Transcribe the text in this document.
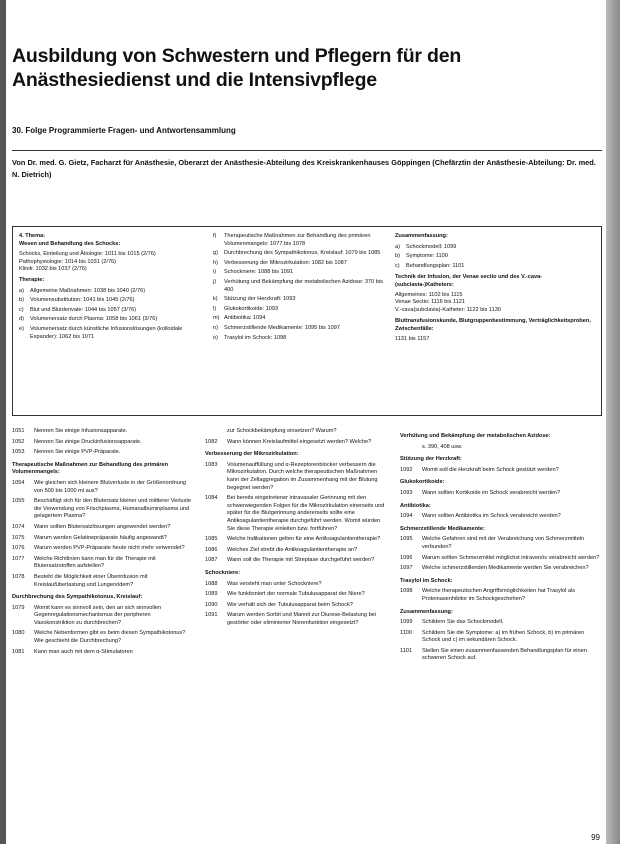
Ausbildung von Schwestern und Pflegern für den Anästhesiedienst und die Intensivpflege
30. Folge Programmierte Fragen- und Antwortensammlung
Von Dr. med. G. Gietz, Facharzt für Anästhesie, Oberarzt der Anästhesie-Abteilung des Kreiskrankenhauses Göppingen (Chefärztin der Anästhesie-Abteilung: Dr. med. N. Dietrich)
4. Thema:
Wesen und Behandlung des Schocks:
Schocks, Einteilung und Ätiologie: 1011 bis 1015 (2/76)
Pathophysiologie: 1014 bis 1031 (2/76)
Klinik: 1032 bis 1037 (2/76)
Therapie:
a)	Allgemeine Maßnahmen: 1038 bis 1040 (2/76)
b)	Volumensubstitution: 1041 bis 1045 (2/76)
c)	Blut und Blutderivate: 1044 bis 1057 (3/76)
d)	Volumenersatz durch Plasma: 1058 bis 1061 (3/76)
e)	Volumenersatz durch künstliche Infusionslösungen (kolloidale Expander): 1062 bis 1071
f)	Therapeutische Maßnahmen zur Behandlung des primären Volumenmangels: 1077 bis 1078
g)	Durchbrechung des Sympathikotonus, Kreislauf: 1079 bis 1085
h)	Verbesserung der Mikrozirkulation: 1082 bis 1087
i)	Schockniere: 1088 bis 1091
j)	Verhütung und Bekämpfung der metabolischen Azidose: 370 bis 400
k)	Stützung der Herzkraft: 1093
l)	Glukokortikoide: 1093
m) Antibiotika: 1094
n)	Schmerzstillende Medikamente: 1095 bis 1097
o)	Trasylol im Schock: 1098
Zusammenfassung:
a)	Schockmodell: 1099
b)	Symptome: 1100
c)	Behandlungsplan: 1101
Technik der Infusion, der Venae sectio und des V.-cava-(subclavia-)Katheters:
Allgemeines: 1102 bis 1115
Venae Sectio: 1116 bis 1121
V.-cava(subclavia)-Katheter: 1122 bis 1130
Bluttransfusionskunde, Blutgruppenbestimmung, Verträglichkeitsproben, Zwischenfälle:
1131 bis 1157
1051	Nennen Sie einige Infusionsapparate.
1052	Nennen Sie einige Druckinfusionsapparate.
1053	Nennen Sie einige PVP-Präparate.
Therapeutische Maßnahmen zur Behandlung des primären Volumenmangels:
1054	Wie gleichen sich kleinere Blutverluste in der Größenordnung von 500 bis 1000 ml aus?
1055	Beschäftigt sich für den Blutersatz kleiner und mittlerer Verluste die Verwendung von Frischplasma, Humanalbuminplasma und gelagertem Plasma?
1074	Wann sollten Blutersatzlösungen angewendet werden?
1075	Warum werden Gelatinepräparate häufig angewandt?
1076	Warum werden PVP-Präparate heute nicht mehr verwendet?
1077	Welche Richtlinien kann man für die Therapie mit Blutersatzstoffen aufstellen?
1078	Besteht die Möglichkeit einer Überinfusion mit Kreislaufüberlastung und Lungenödem?
Durchbrechung des Sympathikotonus, Kreislauf:
1079	Womit kann es sinnvoll sein, den an sich sinnvollen Gegenregulationsmechanismus der peripheren Vasokonstriktion zu durchbrechen?
1080	Welche Nebenformen gibt es beim diesen Sympathikotonus? Wie geschieht die Durchbrechung?
1081	Kann man auch mit dem α-Stimulatoren
zur Schockbekämpfung einsetzen? Warum?
1082	Wann können Kreislaufmittel eingesetzt werden? Welche?
Verbesserung der Mikrozirkulation:
1083	Volumenauffüllung und α-Rezeptorenblocker verbessern die Mikrozirkulation. Durch welche therapeutischen Maßnahmen kann der Zellaggregation im Zusammenhang mit der Blutung begegnet werden?
1084	Bei bereits eingetretener intravasaler Gerinnung mit den schwerwiegenden Folgen für die Mikrozirkulation einerseits und später für die Blutgerinnung andererseits sollte eine Antikoagulantientherapie durchgeführt werden. Womit würden Sie diese Therapie einleiten bzw. fortführen?
1085	Welche Indikationen gelten für eine Antikoagulantientherapie?
1086	Welches Ziel strebt die Antikoagulantientherapie an?
1087	Wann soll die Therapie mit Streptase durchgeführt werden?
Schockniere:
1088	Was versteht man unter Schockniere?
1089	Wie funktioniert der normale Tubulusapparat der Niere?
1090	Wie verhält sich der Tubulusapparat beim Schock?
1091	Warum werden Sorbit und Mannit zur Diurese-Belastung bei gestörter oder eliminierter Nierenfunktion eingesetzt?
Verhütung und Bekämpfung der metabolischen Azidose:
s. 390, 408 usw.
Stützung der Herzkraft:
1092	Womit soll die Herzkraft beim Schock gestützt werden?
Glukokortikoide:
1093	Wann sollten Kortikoide im Schock verabreicht werden?
Antibiotika:
1094	Wann sollten Antibiotika im Schock verabreicht werden?
Schmerzstillende Medikamente:
1095	Welche Gefahren sind mit der Verabreichung von Schmerzmitteln verbunden?
1096	Warum sollten Schmerzmittel möglichst intravenös verabreicht werden?
1097	Welche schmerzstillenden Medikamente werden Sie verabreichen?
Trasylol im Schock:
1098	Welche therapeutischen Angriffsmöglichkeiten hat Trasylol als Proteinasenhibitor im Schockgeschehen?
Zusammenfassung:
1099	Schildern Sie das Schockmodell.
1100	Schildern Sie die Symptome: a) im frühen Schock, b) im primären Schock und c) im sekundären Schock.
1101	Stellen Sie einen zusammenfassenden Behandlungsplan für einen schweren Schock auf.
99
